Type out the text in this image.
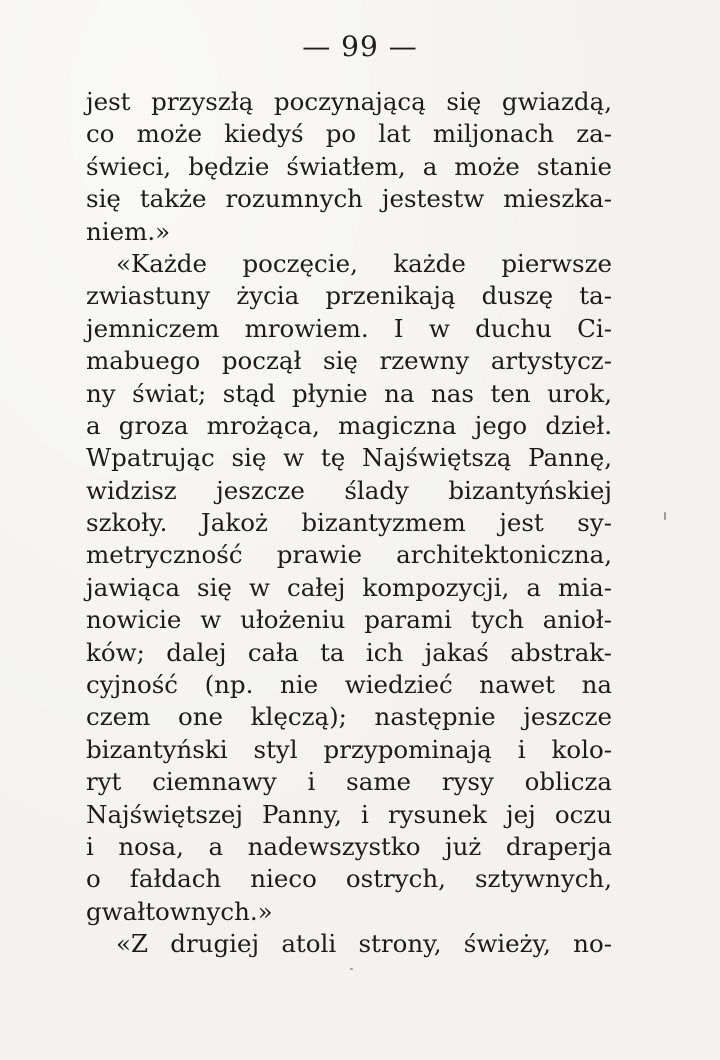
— 99 —
jest przyszłą poczynającą się gwiazdą,
co może kiedyś po lat miljonach za-
świeci, będzie światłem, a może stanie
się także rozumnych jestestw mieszka-
niem.»
«Każde poczęcie, każde pierwsze
zwiastuny życia przenikają duszę ta-
jemniczem mrowiem. I w duchu Ci-
mabuego począł się rzewny artystycz-
ny świat; stąd płynie na nas ten urok,
a groza mrożąca, magiczna jego dzieł.
Wpatrując się w tę Najświętszą Pannę,
widzisz jeszcze ślady bizantyńskiej
szkoły. Jakoż bizantyzmem jest sy-
metryczność prawie architektoniczna,
jawiąca się w całej kompozycji, a mia-
nowicie w ułożeniu parami tych anioł-
ków; dalej cała ta ich jakaś abstrak-
cyjność (np. nie wiedzieć nawet na
czem one klęczą); następnie jeszcze
bizantyński styl przypominają i kolo-
ryt ciemnawy i same rysy oblicza
Najświętszej Panny, i rysunek jej oczu
i nosa, a nadewszystko już draperja
o fałdach nieco ostrych, sztywnych,
gwałtownych.»
«Z drugiej atoli strony, świeży, no-
